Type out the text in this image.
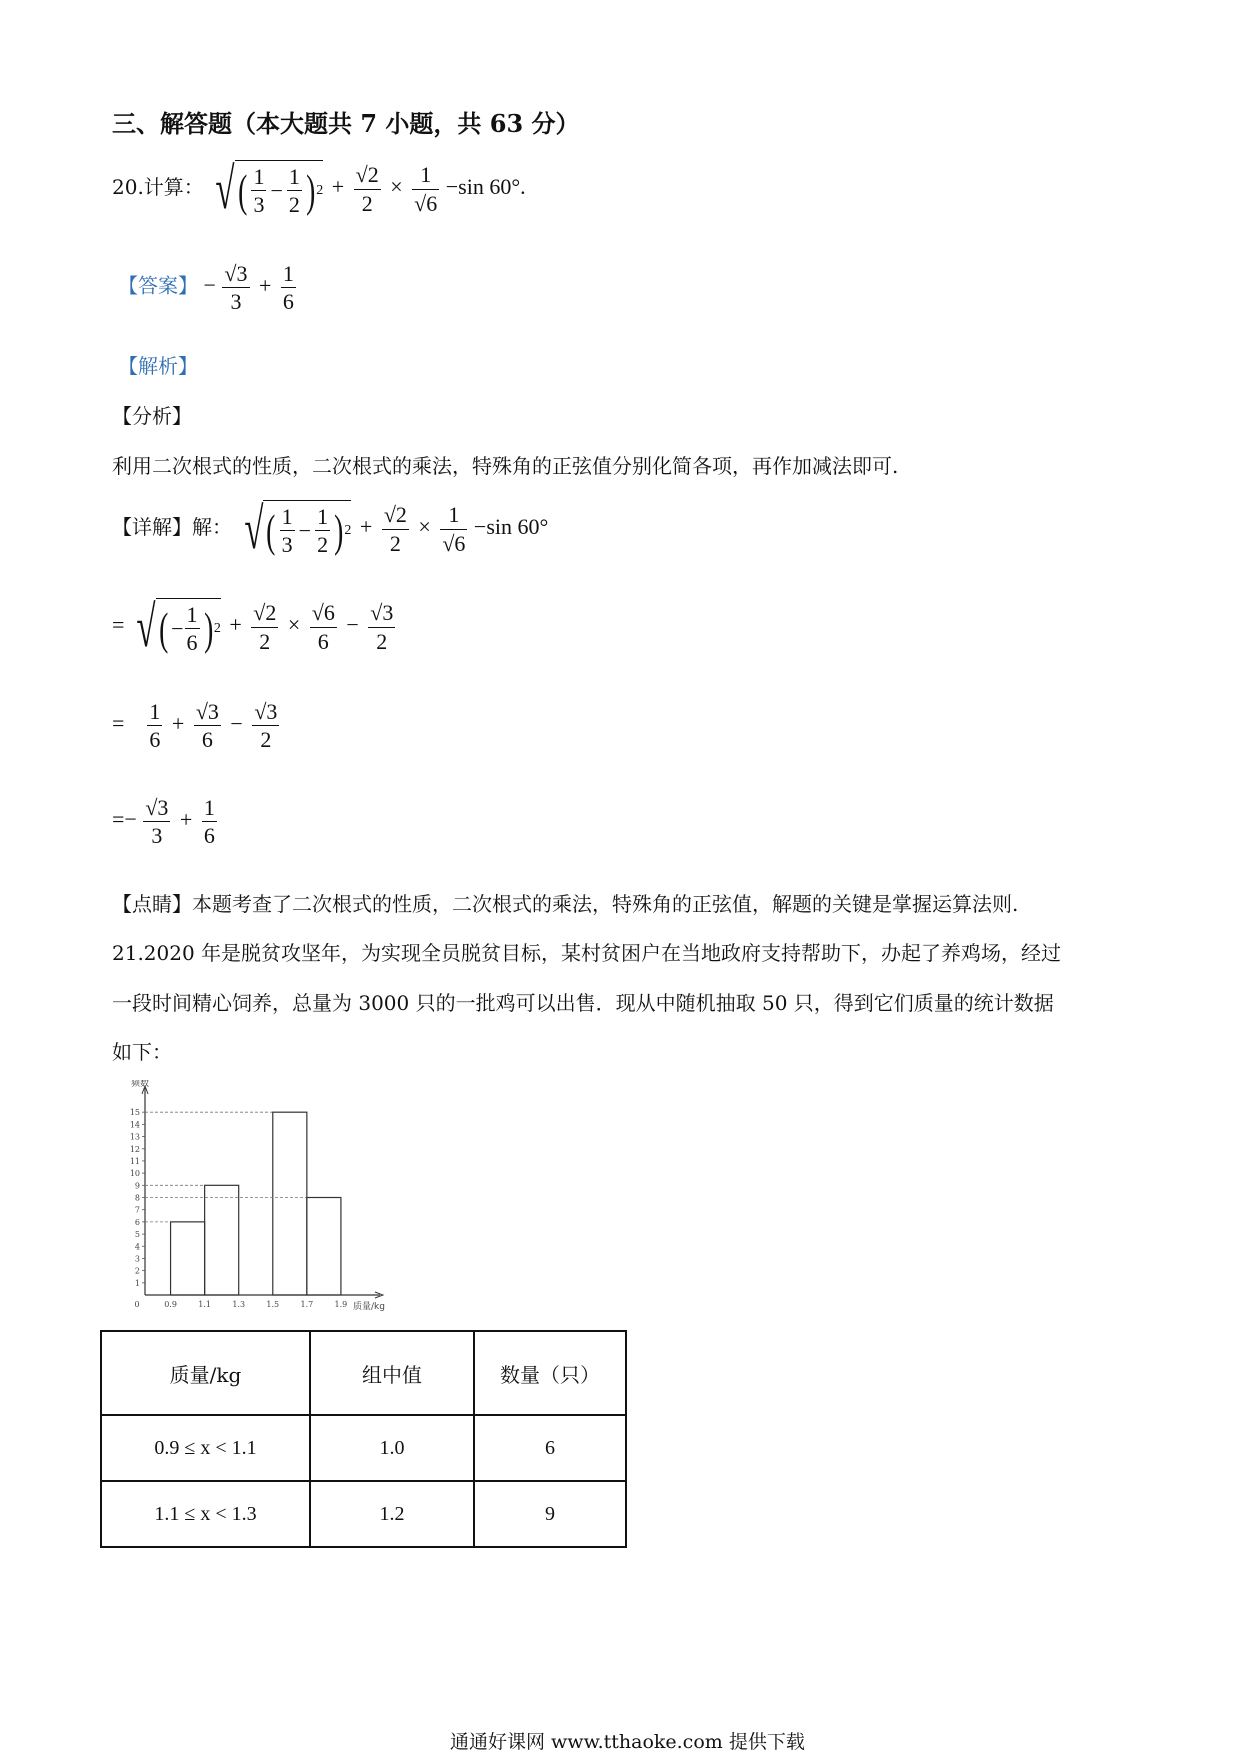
三、解答题（本大题共 7 小题，共 63 分）
20.计算： √ ( $\frac{1}{3} - \frac{1}{2}$ ) $2 + \frac{√2}{2} \times \frac{1}{√6} -\sin$ 60°.
【答案】 − $\frac{√3}{3} + \frac{1}{6}$
【解析】
【分析】
利用二次根式的性质，二次根式的乘法，特殊角的正弦值分别化简各项，再作加减法即可.
【详解】解： √ ( $\frac{1}{3} - \frac{1}{2}$ ) $2 + \frac{√2}{2} \times \frac{1}{√6} -\sin$ 60°
= √ ( − $\frac{1}{6}$ ) $2 + \frac{√2}{2} \times \frac{√6}{6} - \frac{√3}{2}$
= $\frac{1}{6} + \frac{√3}{6} - \frac{√3}{2}$
=− $\frac{√3}{3} + \frac{1}{6}$
【点睛】本题考查了二次根式的性质，二次根式的乘法，特殊角的正弦值，解题的关键是掌握运算法则.
21.2020 年是脱贫攻坚年，为实现全员脱贫目标，某村贫困户在当地政府支持帮助下，办起了养鸡场，经过
一段时间精心饲养，总量为 3000 只的一批鸡可以出售．现从中随机抽取 50 只，得到它们质量的统计数据
如下：
频数
质量/kg
1
2
3
4
5
6
7
8
9
10
11
12
13
14
15
0	0.9	1.1	1.3	1.5	1.7	1.9
质量/kg	组中值	数量（只）
0.9 ≤ x < 1.1	1.0	6
1.1 ≤ x < 1.3	1.2	9
通通好课网 www.tthaoke.com 提供下载
